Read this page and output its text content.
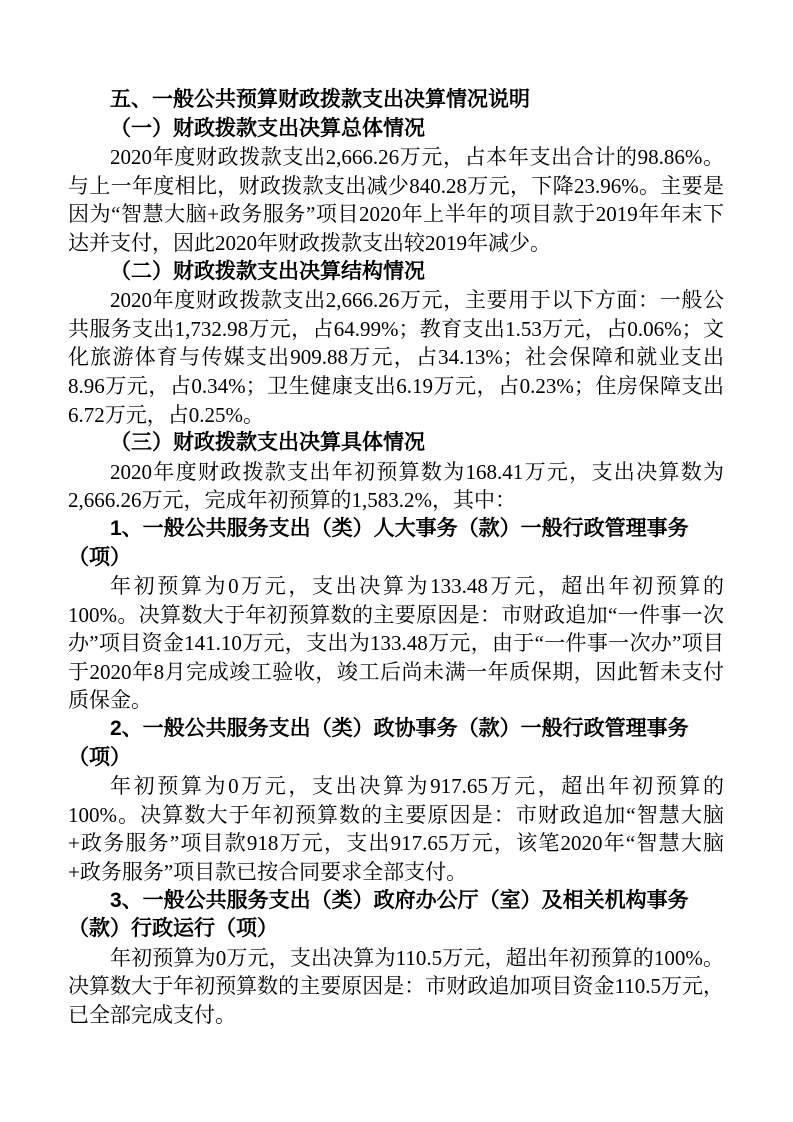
五、一般公共预算财政拨款支出决算情况说明

（一）财政拨款支出决算总体情况

2020年度财政拨款支出2,666.26万元，占本年支出合计的98.86%。与上一年度相比，财政拨款支出减少840.28万元，下降23.96%。主要是因为“智慧大脑+政务服务”项目2020年上半年的项目款于2019年年末下达并支付，因此2020年财政拨款支出较2019年减少。

（二）财政拨款支出决算结构情况

2020年度财政拨款支出2,666.26万元，主要用于以下方面：一般公共服务支出1,732.98万元，占64.99%；教育支出1.53万元，占0.06%；文化旅游体育与传媒支出909.88万元，占34.13%；社会保障和就业支出8.96万元，占0.34%；卫生健康支出6.19万元，占0.23%；住房保障支出6.72万元，占0.25%。

（三）财政拨款支出决算具体情况

2020年度财政拨款支出年初预算数为168.41万元，支出决算数为2,666.26万元，完成年初预算的1,583.2%，其中：

1、一般公共服务支出（类）人大事务（款）一般行政管理事务（项）

年初预算为0万元，支出决算为133.48万元，超出年初预算的100%。决算数大于年初预算数的主要原因是：市财政追加“一件事一次办”项目资金141.10万元，支出为133.48万元，由于“一件事一次办”项目于2020年8月完成竣工验收，竣工后尚未满一年质保期，因此暂未支付质保金。

2、一般公共服务支出（类）政协事务（款）一般行政管理事务（项）

年初预算为0万元，支出决算为917.65万元，超出年初预算的100%。决算数大于年初预算数的主要原因是：市财政追加“智慧大脑+政务服务”项目款918万元，支出917.65万元，该笔2020年“智慧大脑+政务服务”项目款已按合同要求全部支付。

3、一般公共服务支出（类）政府办公厅（室）及相关机构事务（款）行政运行（项）

年初预算为0万元，支出决算为110.5万元，超出年初预算的100%。决算数大于年初预算数的主要原因是：市财政追加项目资金110.5万元，已全部完成支付。
